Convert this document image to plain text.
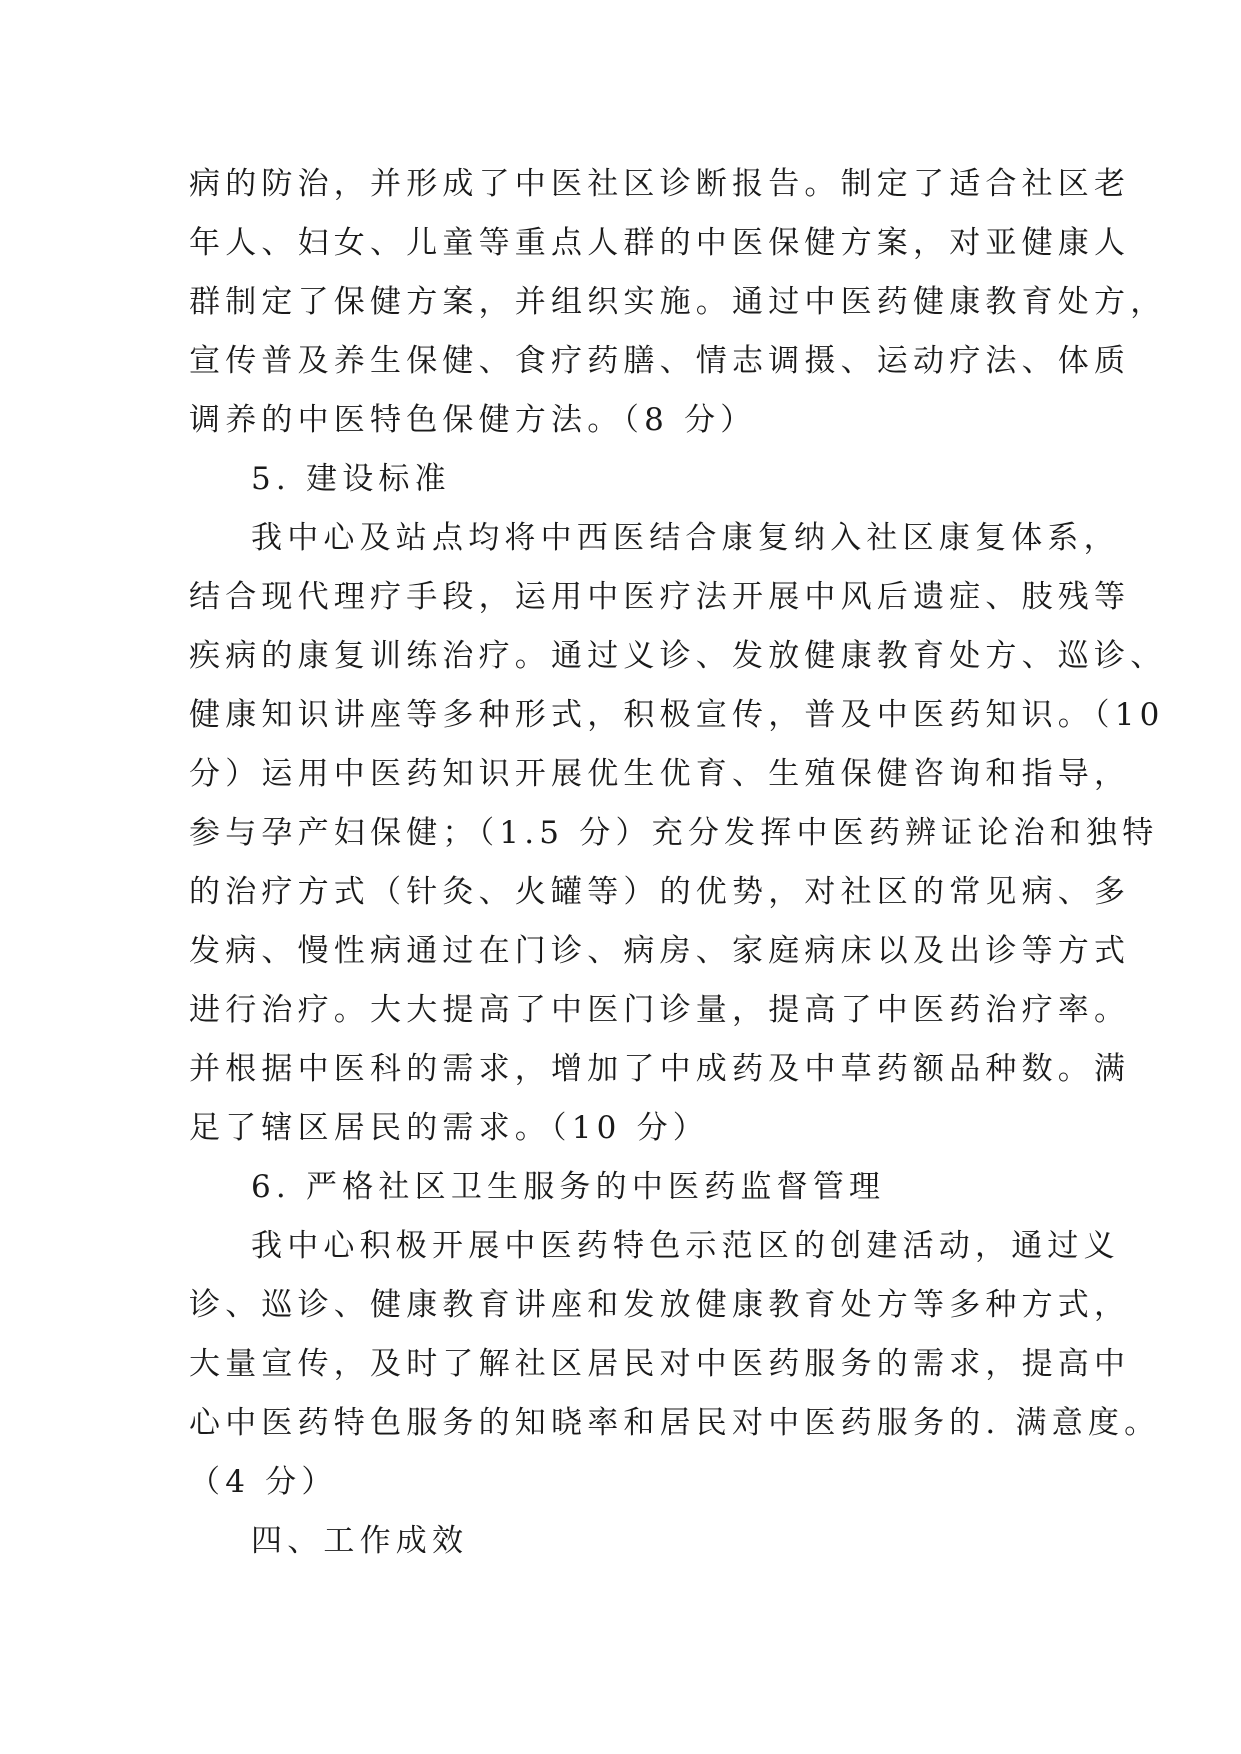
病的防治，并形成了中医社区诊断报告。制定了适合社区老
年人、妇女、儿童等重点人群的中医保健方案，对亚健康人
群制定了保健方案，并组织实施。通过中医药健康教育处方，
宣传普及养生保健、食疗药膳、情志调摄、运动疗法、体质
调养的中医特色保健方法。（8 分）
5. 建设标准
我中心及站点均将中西医结合康复纳入社区康复体系，
结合现代理疗手段，运用中医疗法开展中风后遗症、肢残等
疾病的康复训练治疗。通过义诊、发放健康教育处方、巡诊、
健康知识讲座等多种形式，积极宣传，普及中医药知识。（10
分）运用中医药知识开展优生优育、生殖保健咨询和指导，
参与孕产妇保健；（1.5 分）充分发挥中医药辨证论治和独特
的治疗方式（针灸、火罐等）的优势，对社区的常见病、多
发病、慢性病通过在门诊、病房、家庭病床以及出诊等方式
进行治疗。大大提高了中医门诊量，提高了中医药治疗率。
并根据中医科的需求，增加了中成药及中草药额品种数。满
足了辖区居民的需求。（10 分）
6. 严格社区卫生服务的中医药监督管理
我中心积极开展中医药特色示范区的创建活动，通过义
诊、巡诊、健康教育讲座和发放健康教育处方等多种方式，
大量宣传，及时了解社区居民对中医药服务的需求，提高中
心中医药特色服务的知晓率和居民对中医药服务的. 满意度。
（4 分）
四、工作成效
